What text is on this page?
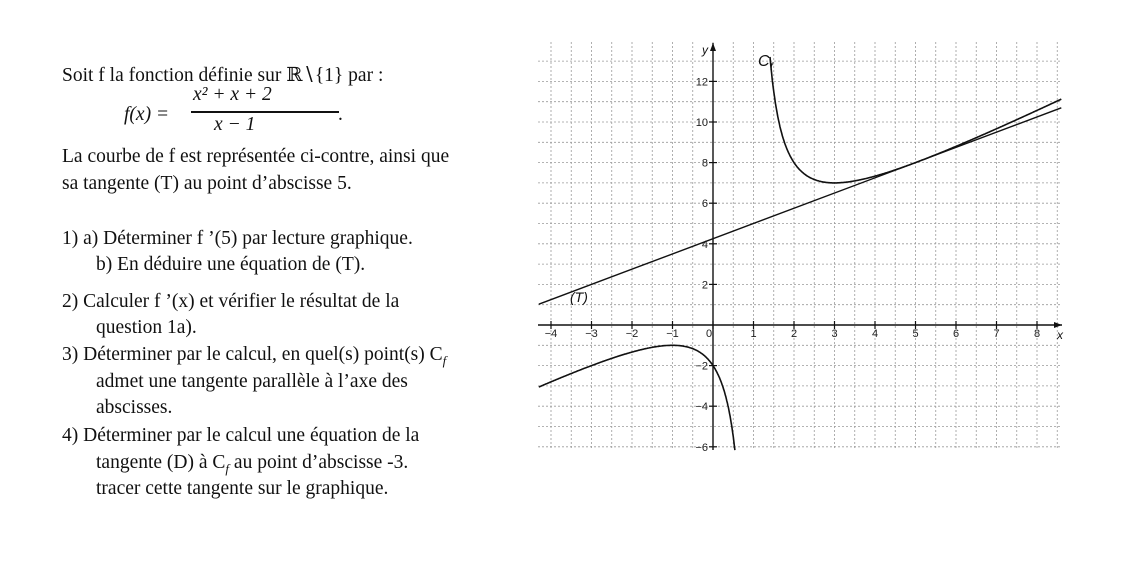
Soit f la fonction définie sur ℝ∖{1} par :
f(x) =
x² + x + 2
x − 1	.
La courbe de f est représentée ci-contre, ainsi que
sa tangente (T) au point d’abscisse 5.
1) a) Déterminer f ’(5) par lecture graphique.
b) En déduire une équation de (T).
2) Calculer f ’(x) et vérifier le résultat de la
question 1a).
3) Déterminer par le calcul, en quel(s) point(s) $C_f$
admet une tangente parallèle à l’axe des
abscisses.
4) Déterminer par le calcul une équation de la
tangente (D) à $C_f$ au point d’abscisse -3.
tracer cette tangente sur le graphique.
−4	−3	−2	−1 0	1	2	3	4	5	6	7	8
−6
−4
−2
2
4
6
8
10
12
x
y
C f
(T)
